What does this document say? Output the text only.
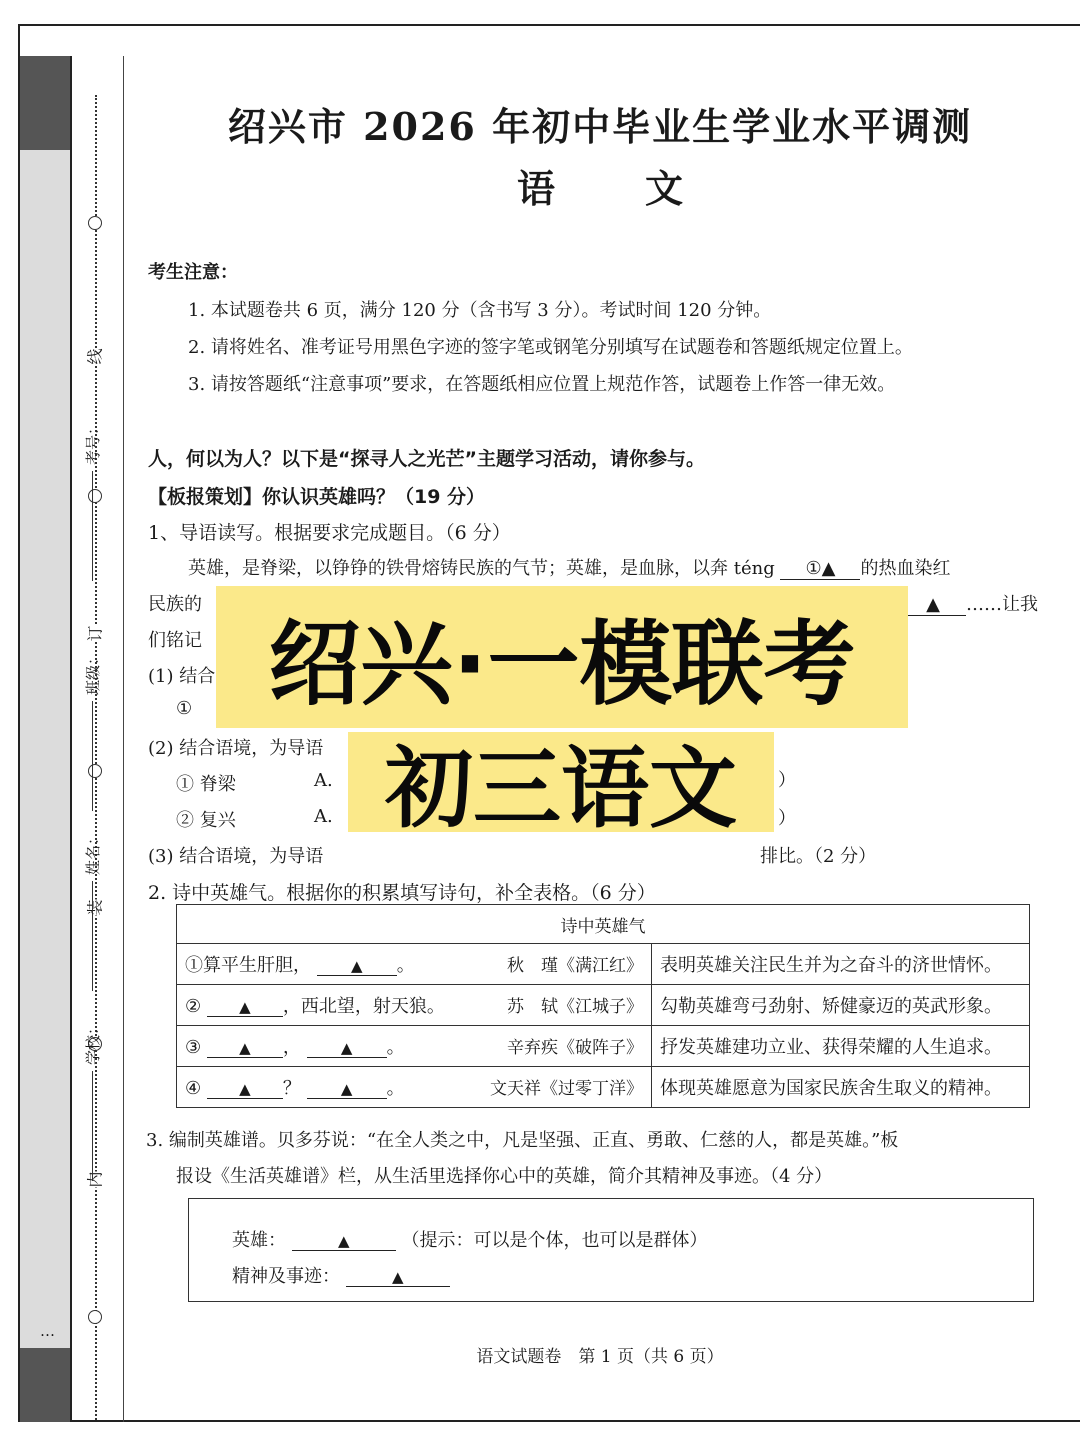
线
订
装
内
考号：
班级：
姓名：
学校：
…
绍兴市 2026 年初中毕业生学业水平调测
语文
考生注意：
1. 本试题卷共 6 页，满分 120 分（含书写 3 分）。考试时间 120 分钟。
2. 请将姓名、准考证号用黑色字迹的签字笔或钢笔分别填写在试题卷和答题纸规定位置上。
3. 请按答题纸“注意事项”要求，在答题纸相应位置上规范作答，试题卷上作答一律无效。
人，何以为人？以下是“探寻人之光芒”主题学习活动，请你参与。
【板报策划】你认识英雄吗？（19 分）
1、导语读写。根据要求完成题目。（6 分）
英雄，是脊梁，以铮铮的铁骨熔铸民族的气节；英雄，是血脉，以奔 téng ①▲ 的热血染红
民族的	▲ ……让我
们铭记
(1) 结合
①
(2) 结合语境，为导语
① 脊梁	A.	）
② 复兴	A.	）
(3) 结合语境，为导语	排比。（2 分）
2. 诗中英雄气。根据你的积累填写诗句，补全表格。（6 分）
诗中英雄气	
①算平生肝胆， ▲ 。 秋　瑾《满江红》	表明英雄关注民生并为之奋斗的济世情怀。
② ▲ ，西北望，射天狼。 苏　轼《江城子》	勾勒英雄弯弓劲射、矫健豪迈的英武形象。
③ ▲ ， ▲ 。 辛弃疾《破阵子》	抒发英雄建功立业、获得荣耀的人生追求。
④ ▲ ？ ▲ 。 文天祥《过零丁洋》	体现英雄愿意为国家民族舍生取义的精神。
3. 编制英雄谱。贝多芬说：“在全人类之中，凡是坚强、正直、勇敢、仁慈的人，都是英雄。”板
报设《生活英雄谱》栏，从生活里选择你心中的英雄，简介其精神及事迹。（4 分）
英雄：	▲	（提示：可以是个体，也可以是群体）
精神及事迹：	▲
语文试题卷　第 1 页（共 6 页）
绍兴·一模联考
初三语文
